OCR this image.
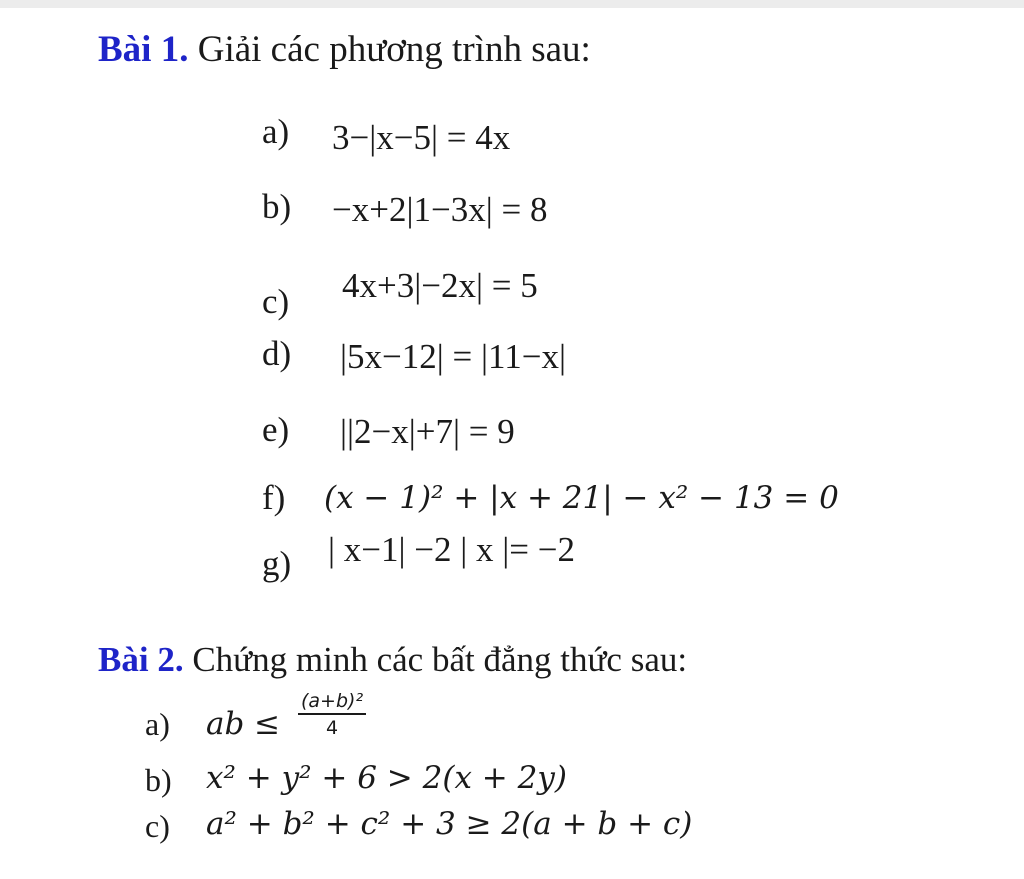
Bài 1. Giải các phương trình sau:
a) 3−|x−5| = 4x
b) −x+2|1−3x| = 8
c) 4x+3|−2x| = 5
d) |5x−12| = |11−x|
e) ||2−x|+7| = 9
f) (x − 1)² + |x + 21| − x² − 13 = 0
g) | x−1| −2 | x |= −2
Bài 2. Chứng minh các bất đẳng thức sau:
a) ab ≤ $\frac{\text{(a+b)²}}{4}$
b) x² + y² + 6 > 2(x + 2y)
c) a² + b² + c² + 3 ≥ 2(a + b + c)
